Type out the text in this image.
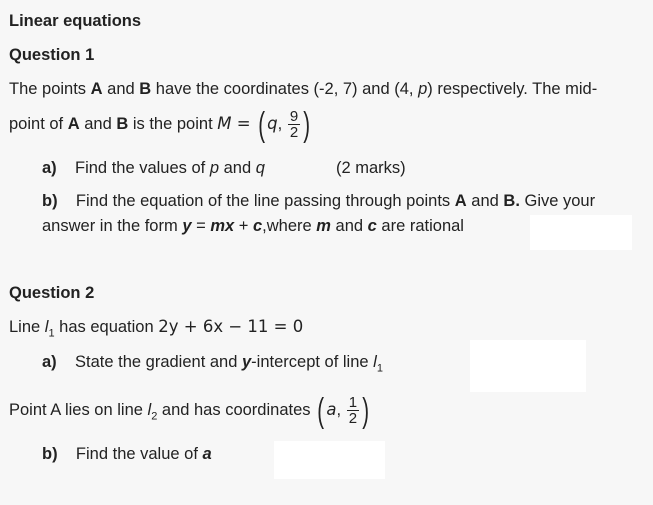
Linear equations
Question 1
The points A and B have the coordinates (-2, 7) and (4, p) respectively. The mid-
point of A and B is the point M = ( q, $\frac{9}{2}$ )
a) Find the values of p and q	(2 marks)
b) Find the equation of the line passing through points A and B. Give your
answer in the form y = mx + c,where m and c are rational
Question 2
Line $l_1$ has equation 2y + 6x − 11 = 0
a) State the gradient and y-intercept of line $l_1$
Point A lies on line $l_2$ and has coordinates ( a, $\frac{1}{2}$ )
b) Find the value of a
